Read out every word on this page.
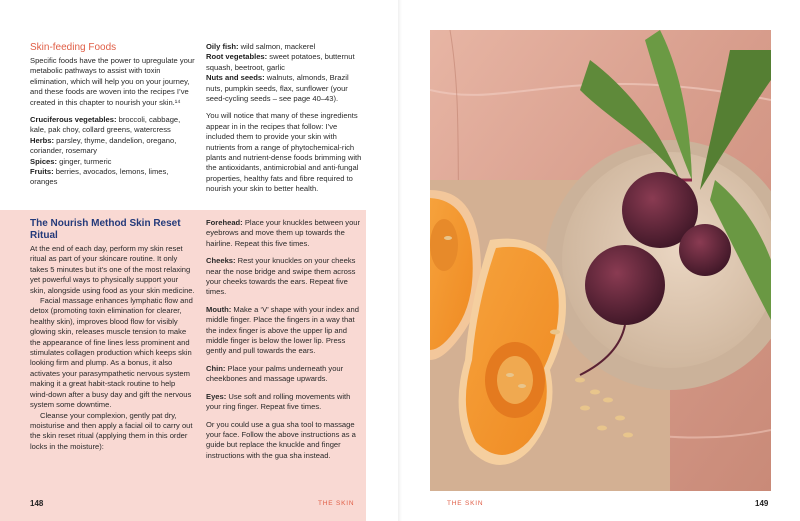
Skin-feeding Foods
Specific foods have the power to upregulate your metabolic pathways to assist with toxin elimination, which will help you on your journey, and these foods are woven into the recipes I’ve created in this chapter to nourish your skin.¹⁴
Cruciferous vegetables: broccoli, cabbage, kale, pak choy, collard greens, watercress
Herbs: parsley, thyme, dandelion, oregano, coriander, rosemary
Spices: ginger, turmeric
Fruits: berries, avocados, lemons, limes, oranges
Oily fish: wild salmon, mackerel
Root vegetables: sweet potatoes, butternut squash, beetroot, garlic
Nuts and seeds: walnuts, almonds, Brazil nuts, pumpkin seeds, flax, sunflower (your seed-cycling seeds – see page 40–43).
You will notice that many of these ingredients appear in in the recipes that follow: I’ve included them to provide your skin with nutrients from a range of phytochemical-rich plants and nutrient-dense foods brimming with the antioxidants, antimicrobial and anti-fungal properties, healthy fats and fibre required to nourish your skin to better health.
The Nourish Method Skin Reset Ritual
At the end of each day, perform my skin reset ritual as part of your skincare routine. It only takes 5 minutes but it’s one of the most relaxing yet powerful ways to physically support your skin, alongside using food as your skin medicine.
Facial massage enhances lymphatic flow and detox (promoting toxin elimination for clearer, healthy skin), improves blood flow for visibly glowing skin, releases muscle tension to make the appearance of fine lines less prominent and stimulates collagen production which keeps skin looking firm and plump. As a bonus, it also activates your parasympathetic nervous system making it a great habit-stack routine to help wind-down after a busy day and gift the nervous system some downtime.
Cleanse your complexion, gently pat dry, moisturise and then apply a facial oil to carry out the skin reset ritual (applying them in this order locks in the moisture):
Forehead: Place your knuckles between your eyebrows and move them up towards the hairline. Repeat this five times.
Cheeks: Rest your knuckles on your cheeks near the nose bridge and swipe them across your cheeks towards the ears. Repeat five times.
Mouth: Make a ‘V’ shape with your index and middle finger. Place the fingers in a way that the index finger is above the upper lip and middle finger is below the lower lip. Press gently and pull towards the ears.
Chin: Place your palms underneath your cheekbones and massage upwards.
Eyes: Use soft and rolling movements with your ring finger. Repeat five times.
Or you could use a gua sha tool to massage your face. Follow the above instructions as a guide but replace the knuckle and finger instructions with the gua sha instead.
148	THE SKIN	149
THE SKIN
